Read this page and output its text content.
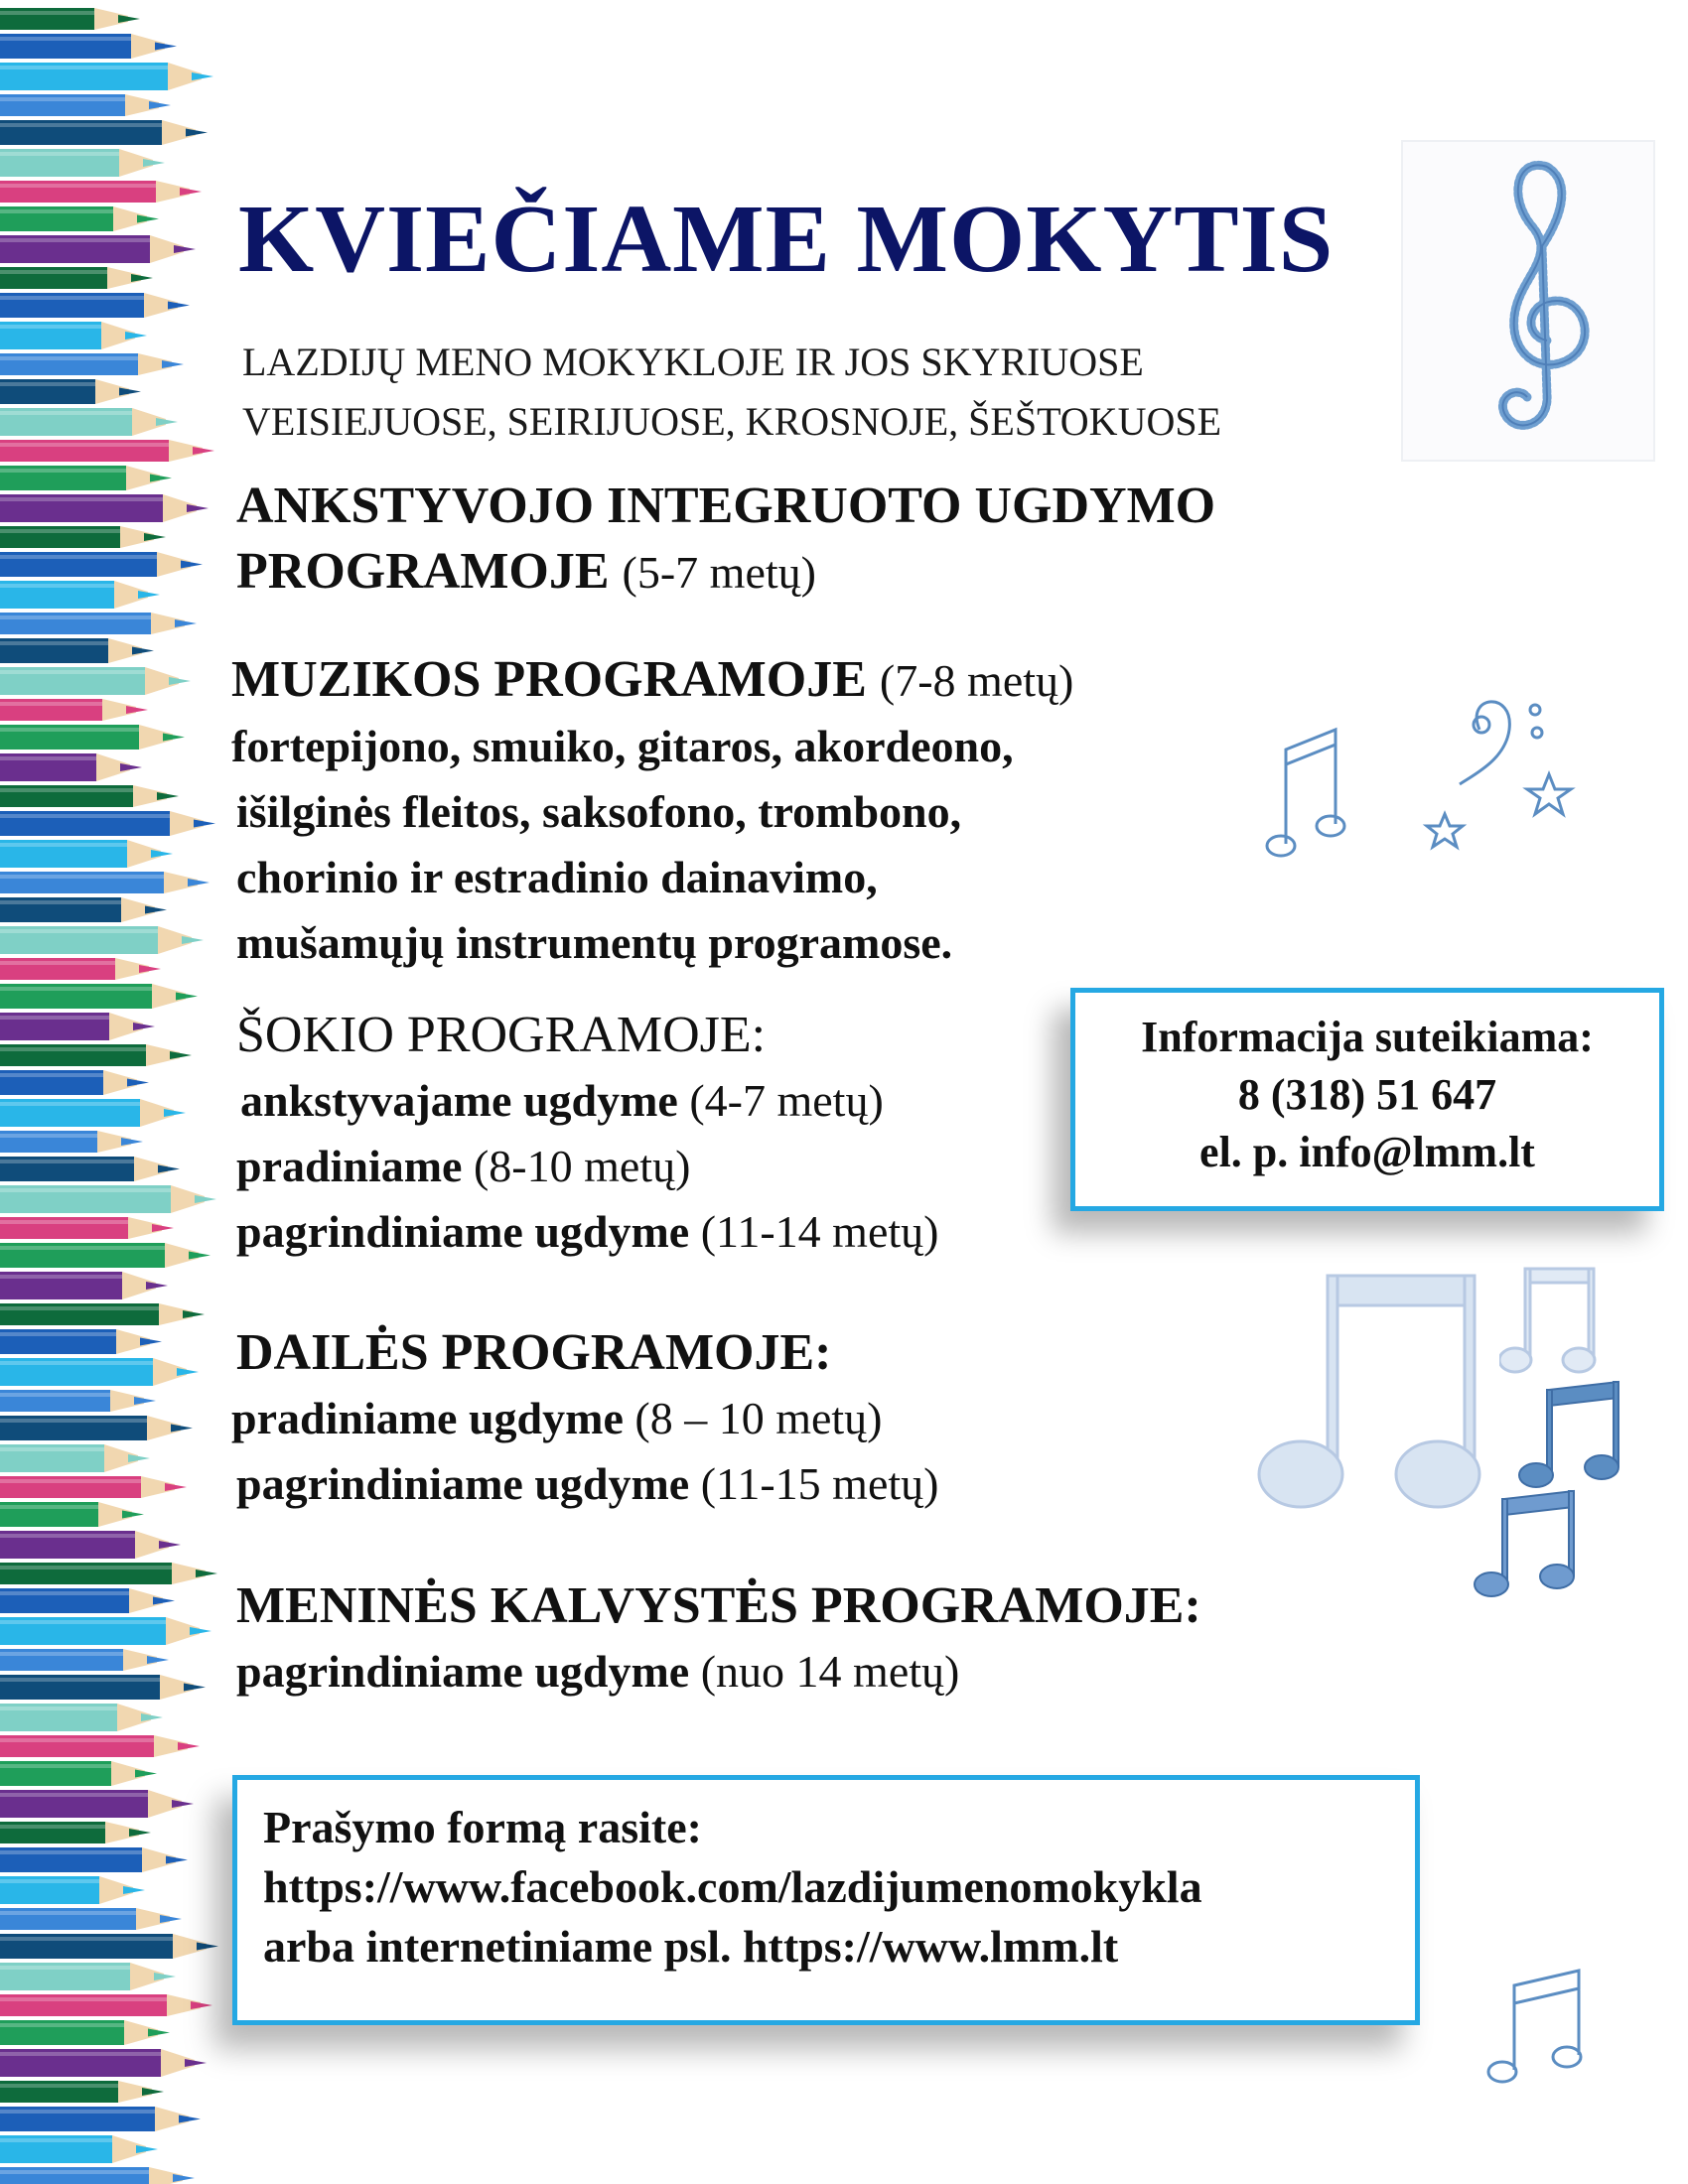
KVIEČIAME MOKYTIS
LAZDIJŲ MENO MOKYKLOJE IR JOS SKYRIUOSE
VEISIEJUOSE, SEIRIJUOSE, KROSNOJE, ŠEŠTOKUOSE
ANKSTYVOJO INTEGRUOTO UGDYMO
PROGRAMOJE (5-7 metų)
MUZIKOS PROGRAMOJE (7-8 metų)
fortepijono, smuiko, gitaros, akordeono,
išilginės fleitos, saksofono, trombono,
chorinio ir estradinio dainavimo,
mušamųjų instrumentų programose.
ŠOKIO PROGRAMOJE:
ankstyvajame ugdyme (4-7 metų)
pradiniame (8-10 metų)
pagrindiniame ugdyme (11-14 metų)
DAILĖS PROGRAMOJE:
pradiniame ugdyme (8 – 10 metų)
pagrindiniame ugdyme (11-15 metų)
MENINĖS KALVYSTĖS PROGRAMOJE:
pagrindiniame ugdyme (nuo 14 metų)
Informacija suteikiama:
8 (318) 51 647
el. p. info@lmm.lt
Prašymo formą rasite:
https://www.facebook.com/lazdijumenomokykla
arba internetiniame psl. https://www.lmm.lt
